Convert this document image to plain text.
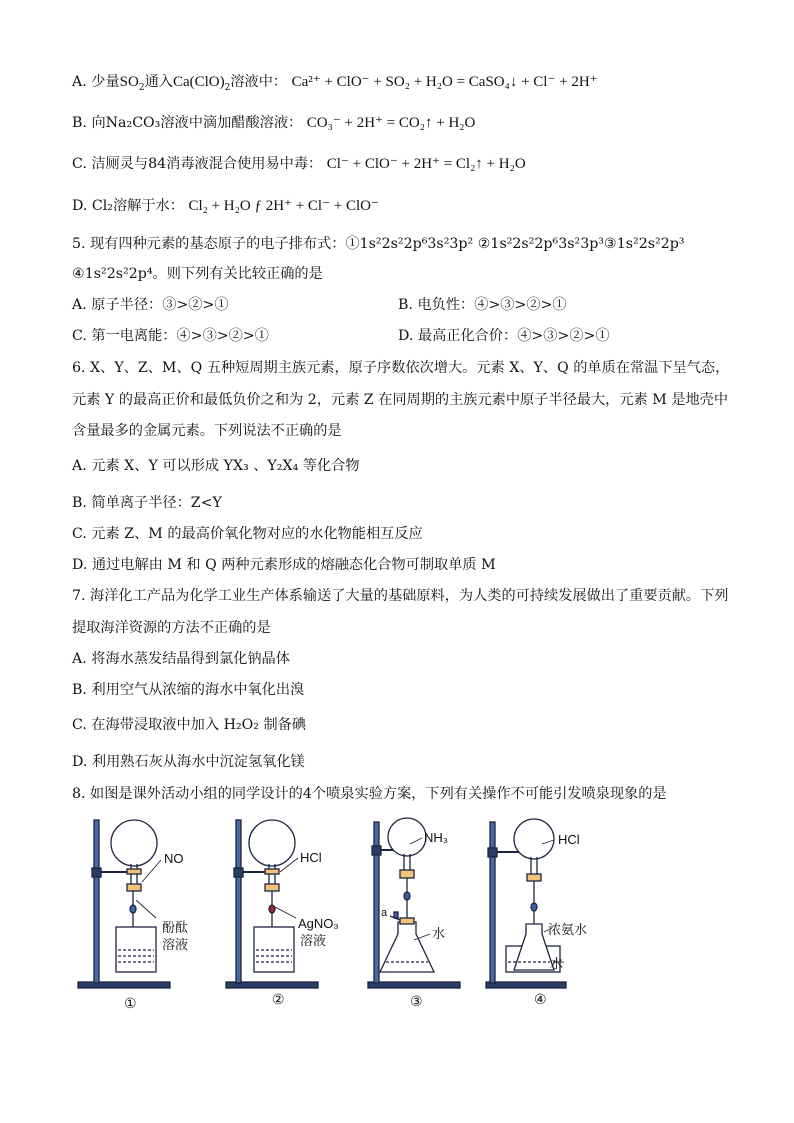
A. 少量$SO_2$通入$Ca(ClO)_2$溶液中： Ca²⁺ + ClO⁻ + SO₂ + H₂O = CaSO₄↓ + Cl⁻ + 2H⁺
B. 向Na₂CO₃溶液中滴加醋酸溶液： CO₃⁻ + 2H⁺ = CO₂↑ + H₂O
C. 洁厕灵与84消毒液混合使用易中毒： Cl⁻ + ClO⁻ + 2H⁺ = Cl₂↑ + H₂O
D. Cl₂溶解于水： Cl₂ + H₂O ƒ 2H⁺ + Cl⁻ + ClO⁻
5. 现有四种元素的基态原子的电子排布式：①1s²2s²2p⁶3s²3p² ②1s²2s²2p⁶3s²3p³③1s²2s²2p³
④1s²2s²2p⁴。则下列有关比较正确的是
A. 原子半径：③>②>①	B. 电负性：④>③>②>①
C. 第一电离能：④>③>②>①	D. 最高正化合价：④>③>②>①
6. X、Y、Z、M、Q 五种短周期主族元素，原子序数依次增大。元素 X、Y、Q 的单质在常温下呈气态，
元素 Y 的最高正价和最低负价之和为 2，元素 Z 在同周期的主族元素中原子半径最大，元素 M 是地壳中
含量最多的金属元素。下列说法不正确的是
A. 元素 X、Y 可以形成 YX₃ 、Y₂X₄ 等化合物
B. 简单离子半径：Z<Y
C. 元素 Z、M 的最高价氧化物对应的水化物能相互反应
D. 通过电解由 M 和 Q 两种元素形成的熔融态化合物可制取单质 M
7. 海洋化工产品为化学工业生产体系输送了大量的基础原料，为人类的可持续发展做出了重要贡献。下列
提取海洋资源的方法不正确的是
A. 将海水蒸发结晶得到氯化钠晶体
B. 利用空气从浓缩的海水中氧化出溴
C. 在海带浸取液中加入 H₂O₂ 制备碘
D. 利用熟石灰从海水中沉淀氢氧化镁
8. 如图是课外活动小组的同学设计的4个喷泉实验方案，下列有关操作不可能引发喷泉现象的是
NO
酚酞
溶液
①
HCl
AgNO₃
溶液
②
NH₃
a
水
③
HCl
浓氨水
水
④
